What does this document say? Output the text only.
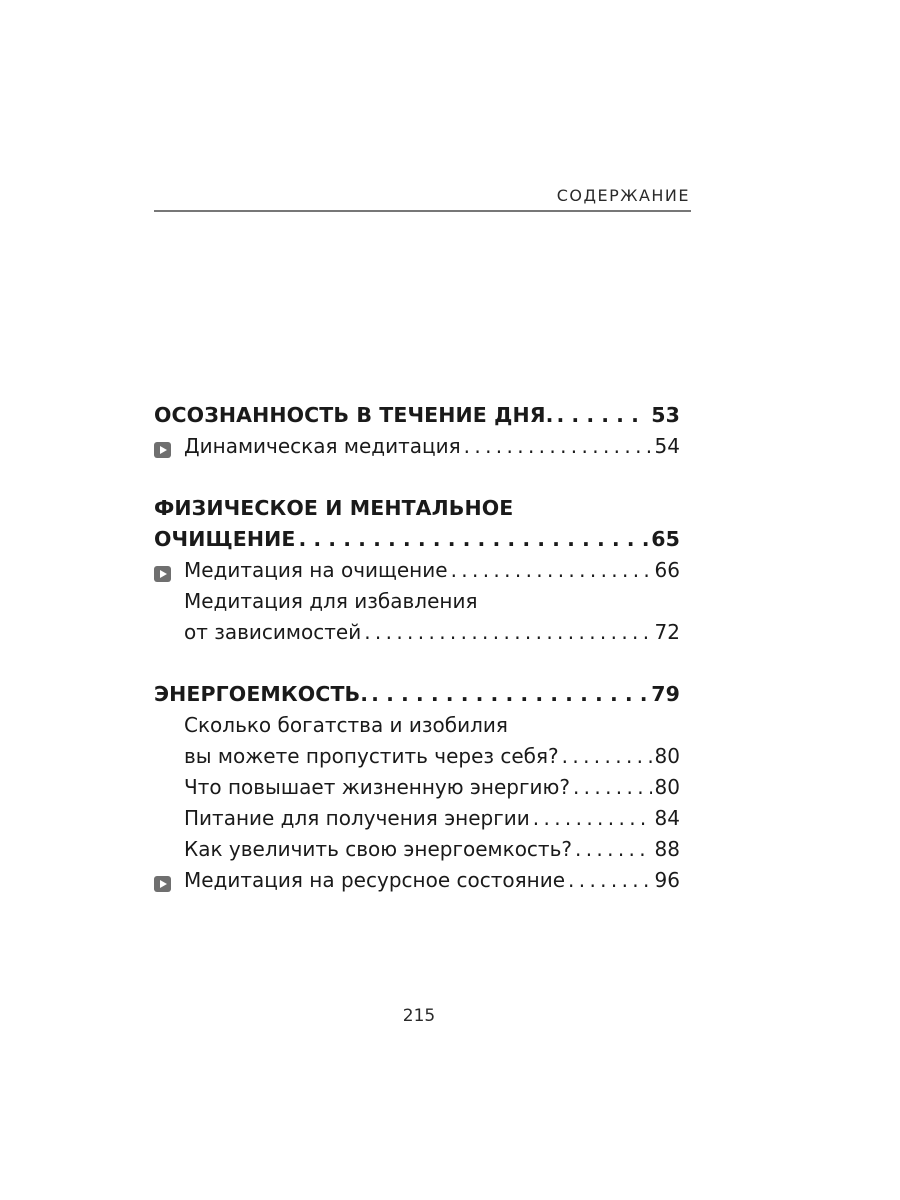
СОДЕРЖАНИЕ
ОСОЗНАННОСТЬ В ТЕЧЕНИЕ ДНЯ. . . .	53
Динамическая медитация . . .	54
ФИЗИЧЕСКОЕ И МЕНТАЛЬНОЕ
ОЧИЩЕНИЕ . . .	65
Медитация на очищение . . .	66
Медитация для избавления
от зависимостей . . .	72
ЭНЕРГОЕМКОСТЬ. . . .	79
Сколько богатства и изобилия
вы можете пропустить через себя? . . .	80
Что повышает жизненную энергию? . . .	80
Питание для получения энергии . . .	84
Как увеличить свою энергоемкость? . . .	88
Медитация на ресурсное состояние . . .	96
215
